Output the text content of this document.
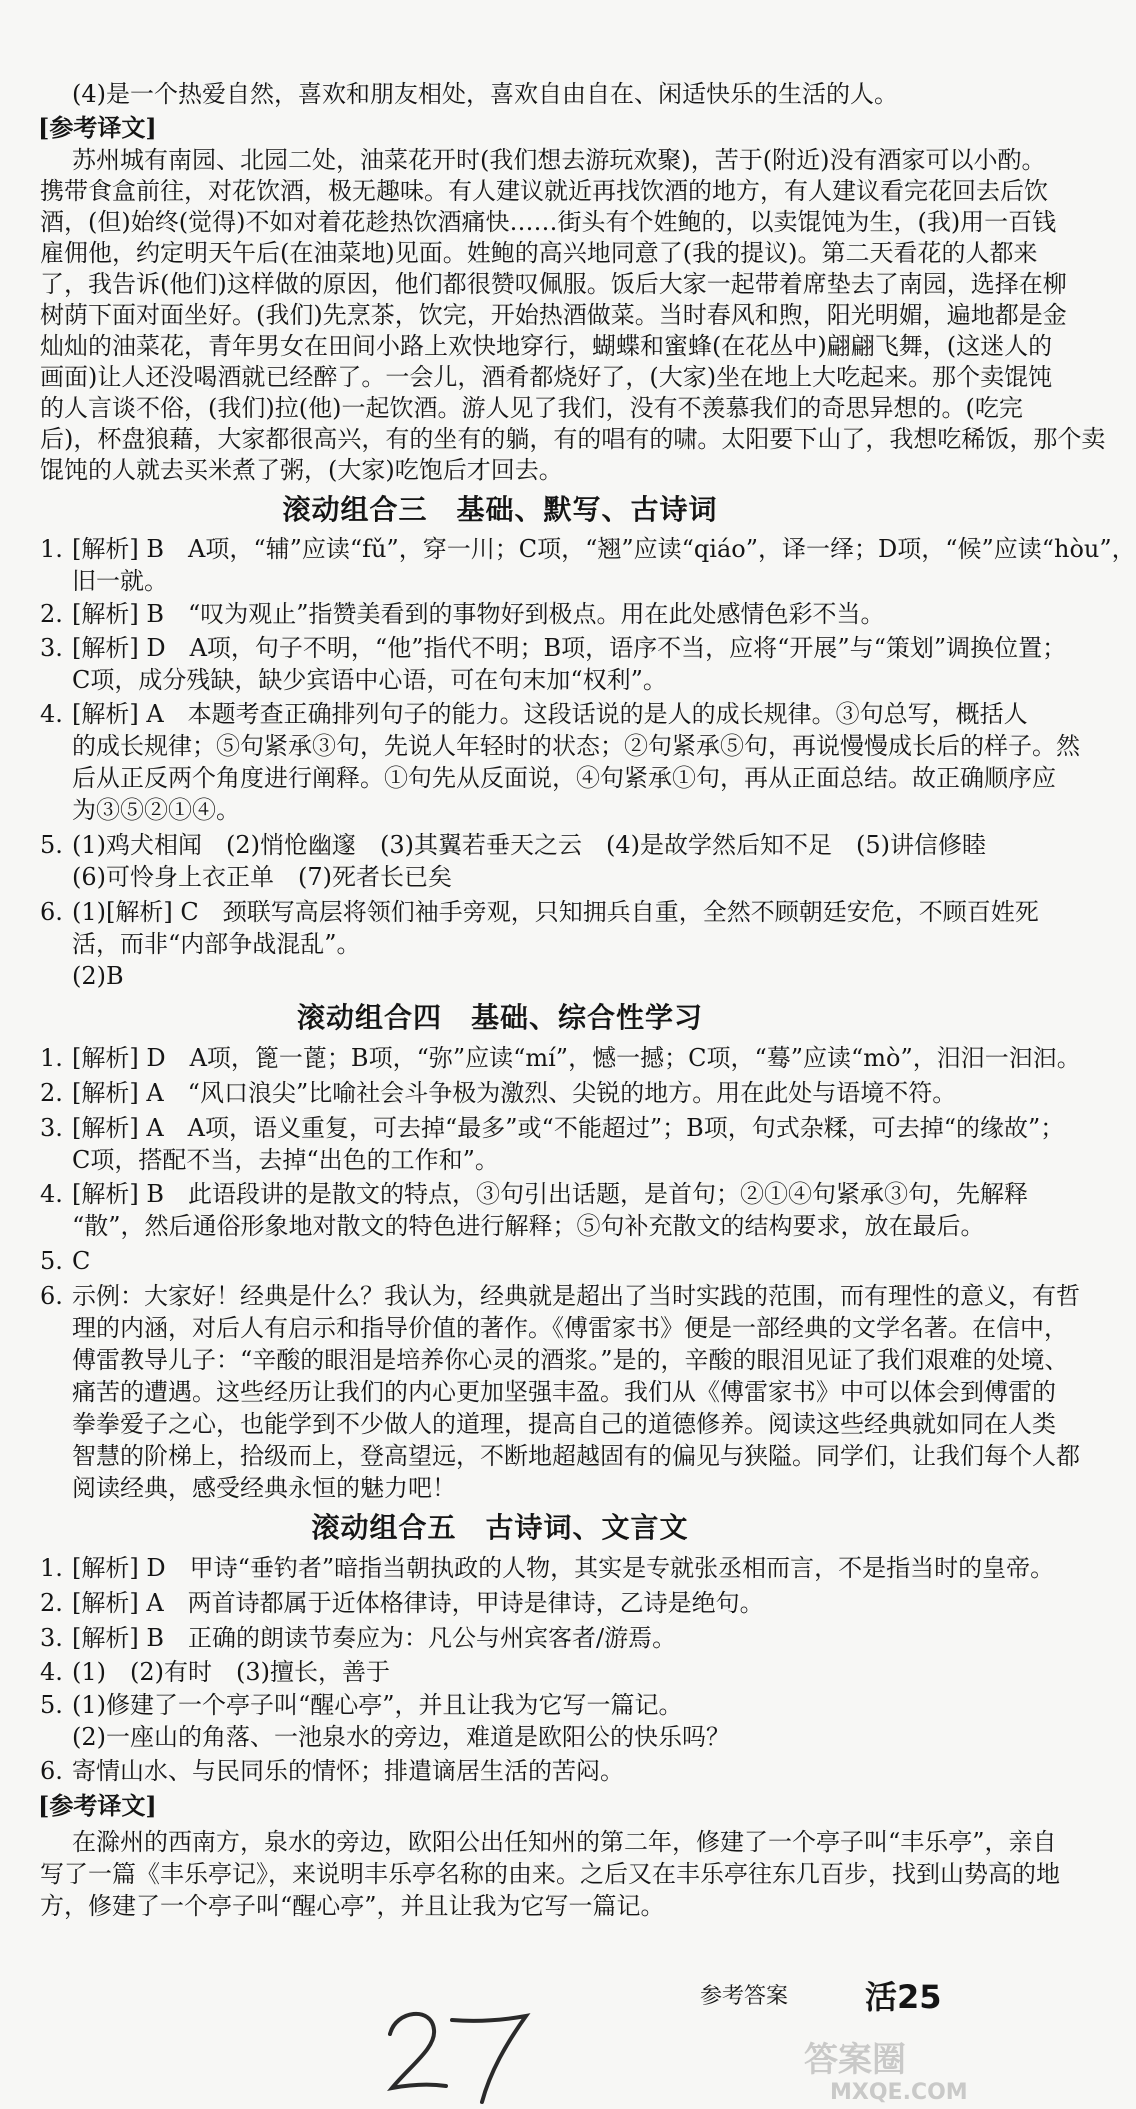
(4)是一个热爱自然，喜欢和朋友相处，喜欢自由自在、闲适快乐的生活的人。
[参考译文]
苏州城有南园、北园二处，油菜花开时(我们想去游玩欢聚)，苦于(附近)没有酒家可以小酌。
携带食盒前往，对花饮酒，极无趣味。有人建议就近再找饮酒的地方，有人建议看完花回去后饮
酒，(但)始终(觉得)不如对着花趁热饮酒痛快……街头有个姓鲍的，以卖馄饨为生，(我)用一百钱
雇佣他，约定明天午后(在油菜地)见面。姓鲍的高兴地同意了(我的提议)。第二天看花的人都来
了，我告诉(他们)这样做的原因，他们都很赞叹佩服。饭后大家一起带着席垫去了南园，选择在柳
树荫下面对面坐好。(我们)先烹茶，饮完，开始热酒做菜。当时春风和煦，阳光明媚，遍地都是金
灿灿的油菜花，青年男女在田间小路上欢快地穿行，蝴蝶和蜜蜂(在花丛中)翩翩飞舞，(这迷人的
画面)让人还没喝酒就已经醉了。一会儿，酒肴都烧好了，(大家)坐在地上大吃起来。那个卖馄饨
的人言谈不俗，(我们)拉(他)一起饮酒。游人见了我们，没有不羡慕我们的奇思异想的。(吃完
后)，杯盘狼藉，大家都很高兴，有的坐有的躺，有的唱有的啸。太阳要下山了，我想吃稀饭，那个卖
馄饨的人就去买米煮了粥，(大家)吃饱后才回去。
滚动组合三　基础、默写、古诗词
1. [解析] B　A项，“辅”应读“fǔ”，穿一川；C项，“翘”应读“qiáo”，译一绎；D项，“候”应读“hòu”，
旧一就。
2. [解析] B　“叹为观止”指赞美看到的事物好到极点。用在此处感情色彩不当。
3. [解析] D　A项，句子不明，“他”指代不明；B项，语序不当，应将“开展”与“策划”调换位置；
C项，成分残缺，缺少宾语中心语，可在句末加“权利”。
4. [解析] A　本题考查正确排列句子的能力。这段话说的是人的成长规律。③句总写，概括人
的成长规律；⑤句紧承③句，先说人年轻时的状态；②句紧承⑤句，再说慢慢成长后的样子。然
后从正反两个角度进行阐释。①句先从反面说，④句紧承①句，再从正面总结。故正确顺序应
为③⑤②①④。
5. (1)鸡犬相闻　(2)悄怆幽邃　(3)其翼若垂天之云　(4)是故学然后知不足　(5)讲信修睦
(6)可怜身上衣正单　(7)死者长已矣
6. (1)[解析] C　颈联写高层将领们袖手旁观，只知拥兵自重，全然不顾朝廷安危，不顾百姓死
活，而非“内部争战混乱”。
(2)B
滚动组合四　基础、综合性学习
1. [解析] D　A项，篦一蓖；B项，“弥”应读“mí”，憾一撼；C项，“蓦”应读“mò”，汨汨一汩汩。
2. [解析] A　“风口浪尖”比喻社会斗争极为激烈、尖锐的地方。用在此处与语境不符。
3. [解析] A　A项，语义重复，可去掉“最多”或“不能超过”；B项，句式杂糅，可去掉“的缘故”；
C项，搭配不当，去掉“出色的工作和”。
4. [解析] B　此语段讲的是散文的特点，③句引出话题，是首句；②①④句紧承③句，先解释
“散”，然后通俗形象地对散文的特色进行解释；⑤句补充散文的结构要求，放在最后。
5. C
6. 示例：大家好！经典是什么？我认为，经典就是超出了当时实践的范围，而有理性的意义，有哲
理的内涵，对后人有启示和指导价值的著作。《傅雷家书》便是一部经典的文学名著。在信中，
傅雷教导儿子：“辛酸的眼泪是培养你心灵的酒浆。”是的，辛酸的眼泪见证了我们艰难的处境、
痛苦的遭遇。这些经历让我们的内心更加坚强丰盈。我们从《傅雷家书》中可以体会到傅雷的
拳拳爱子之心，也能学到不少做人的道理，提高自己的道德修养。阅读这些经典就如同在人类
智慧的阶梯上，拾级而上，登高望远，不断地超越固有的偏见与狭隘。同学们，让我们每个人都
阅读经典，感受经典永恒的魅力吧！
滚动组合五　古诗词、文言文
1. [解析] D　甲诗“垂钓者”暗指当朝执政的人物，其实是专就张丞相而言，不是指当时的皇帝。
2. [解析] A　两首诗都属于近体格律诗，甲诗是律诗，乙诗是绝句。
3. [解析] B　正确的朗读节奏应为：凡公与州宾客者/游焉。
4. (1)　(2)有时　(3)擅长，善于
5. (1)修建了一个亭子叫“醒心亭”，并且让我为它写一篇记。
(2)一座山的角落、一池泉水的旁边，难道是欧阳公的快乐吗？
6. 寄情山水、与民同乐的情怀；排遣谪居生活的苦闷。
[参考译文]
在滁州的西南方，泉水的旁边，欧阳公出任知州的第二年，修建了一个亭子叫“丰乐亭”，亲自
写了一篇《丰乐亭记》，来说明丰乐亭名称的由来。之后又在丰乐亭往东几百步，找到山势高的地
方，修建了一个亭子叫“醒心亭”，并且让我为它写一篇记。
参考答案 活25
答案圈
MXQE.COM
